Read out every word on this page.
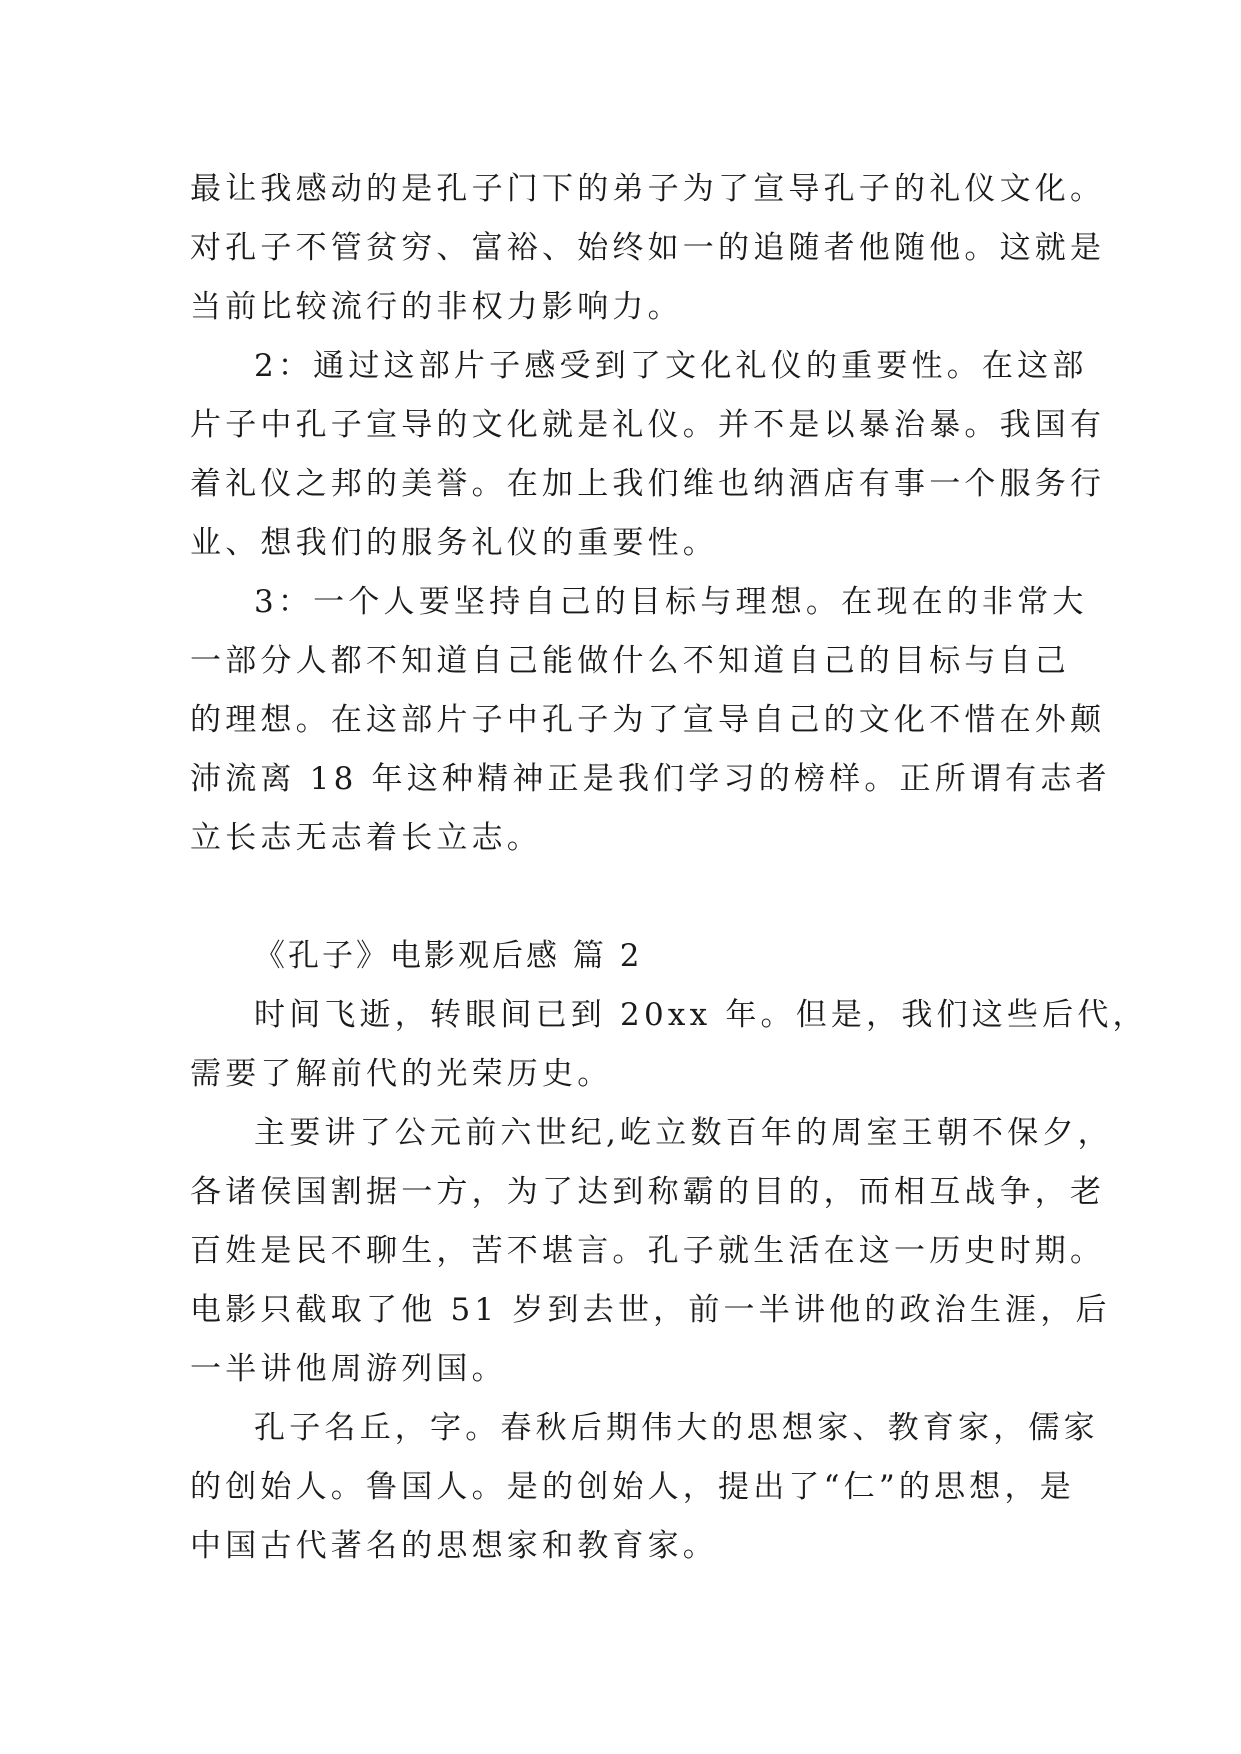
最让我感动的是孔子门下的弟子为了宣导孔子的礼仪文化。
对孔子不管贫穷、富裕、始终如一的追随者他随他。这就是
当前比较流行的非权力影响力。
2：通过这部片子感受到了文化礼仪的重要性。在这部
片子中孔子宣导的文化就是礼仪。并不是以暴治暴。我国有
着礼仪之邦的美誉。在加上我们维也纳酒店有事一个服务行
业、想我们的服务礼仪的重要性。
3：一个人要坚持自己的目标与理想。在现在的非常大
一部分人都不知道自己能做什么不知道自己的目标与自己
的理想。在这部片子中孔子为了宣导自己的文化不惜在外颠
沛流离 18 年这种精神正是我们学习的榜样。正所谓有志者
立长志无志着长立志。
《孔子》电影观后感 篇 2
时间飞逝，转眼间已到 20xx 年。但是，我们这些后代，
需要了解前代的光荣历史。
主要讲了公元前六世纪,屹立数百年的周室王朝不保夕，
各诸侯国割据一方，为了达到称霸的目的，而相互战争，老
百姓是民不聊生，苦不堪言。孔子就生活在这一历史时期。
电影只截取了他 51 岁到去世，前一半讲他的政治生涯，后
一半讲他周游列国。
孔子名丘，字。春秋后期伟大的思想家、教育家，儒家
的创始人。鲁国人。是的创始人，提出了“仁”的思想，是
中国古代著名的思想家和教育家。
